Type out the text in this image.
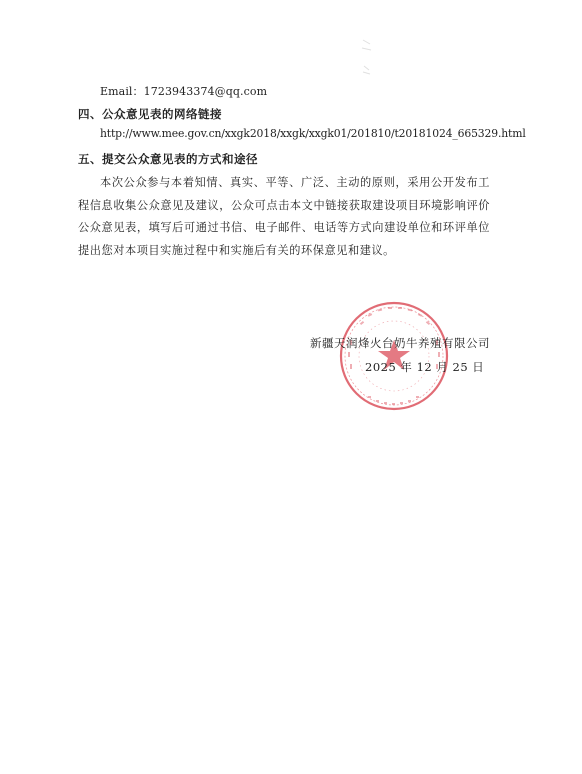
Email：1723943374@qq.com
四、公众意见表的网络链接
http://www.mee.gov.cn/xxgk2018/xxgk/xxgk01/201810/t20181024_665329.html
五、提交公众意见表的方式和途径
本次公众参与本着知情、真实、平等、广泛、主动的原则，采用公开发布工程信息收集公众意见及建议，公众可点击本文中链接获取建设项目环境影响评价公众意见表，填写后可通过书信、电子邮件、电话等方式向建设单位和环评单位提出您对本项目实施过程中和实施后有关的环保意见和建议。
新疆天润烽火台奶牛养殖有限公司
2025 年 12 月 25 日
